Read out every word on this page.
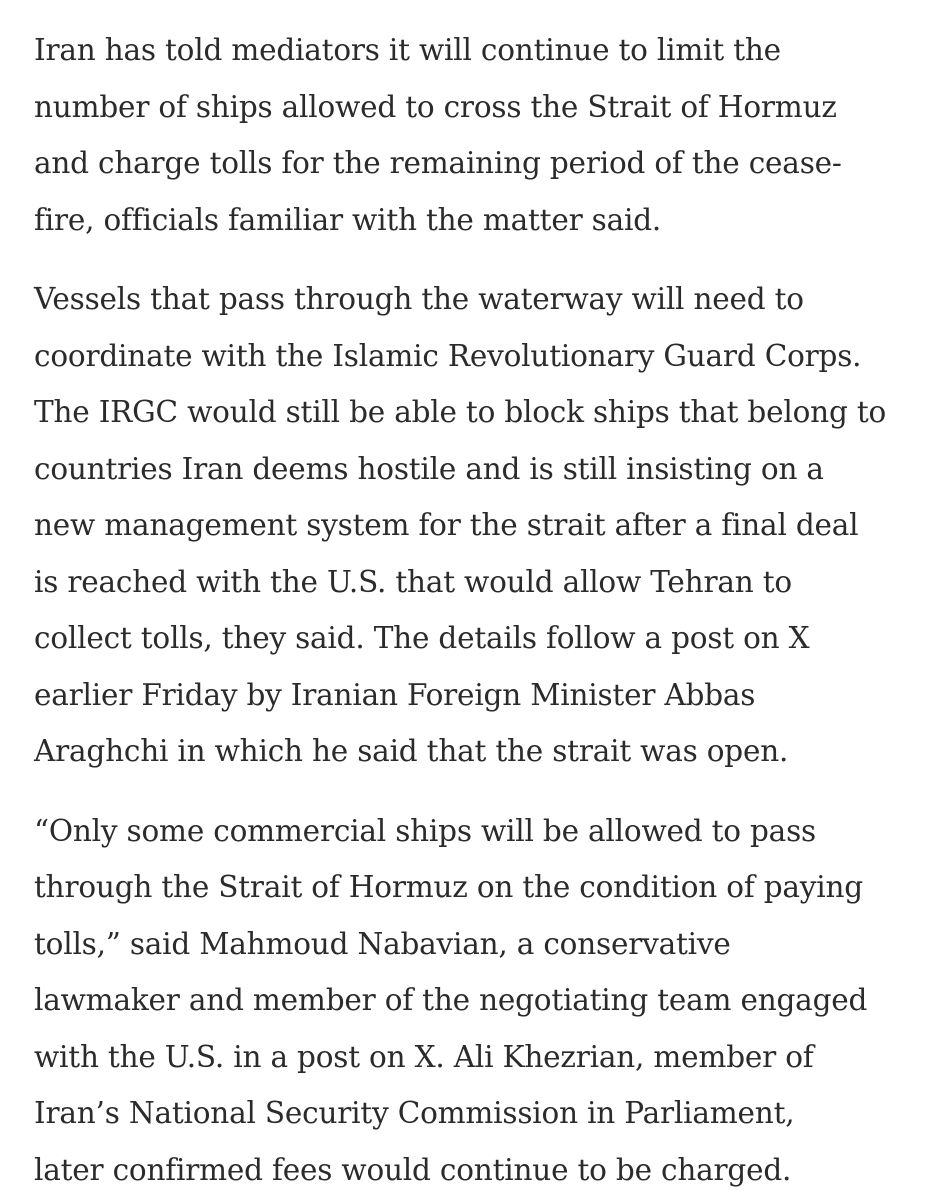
Iran has told mediators it will continue to limit the
number of ships allowed to cross the Strait of Hormuz
and charge tolls for the remaining period of the cease-
fire, officials familiar with the matter said.

Vessels that pass through the waterway will need to
coordinate with the Islamic Revolutionary Guard Corps.
The IRGC would still be able to block ships that belong to
countries Iran deems hostile and is still insisting on a
new management system for the strait after a final deal
is reached with the U.S. that would allow Tehran to
collect tolls, they said. The details follow a post on X
earlier Friday by Iranian Foreign Minister Abbas
Araghchi in which he said that the strait was open.

“Only some commercial ships will be allowed to pass
through the Strait of Hormuz on the condition of paying
tolls,” said Mahmoud Nabavian, a conservative
lawmaker and member of the negotiating team engaged
with the U.S. in a post on X. Ali Khezrian, member of
Iran’s National Security Commission in Parliament,
later confirmed fees would continue to be charged.
